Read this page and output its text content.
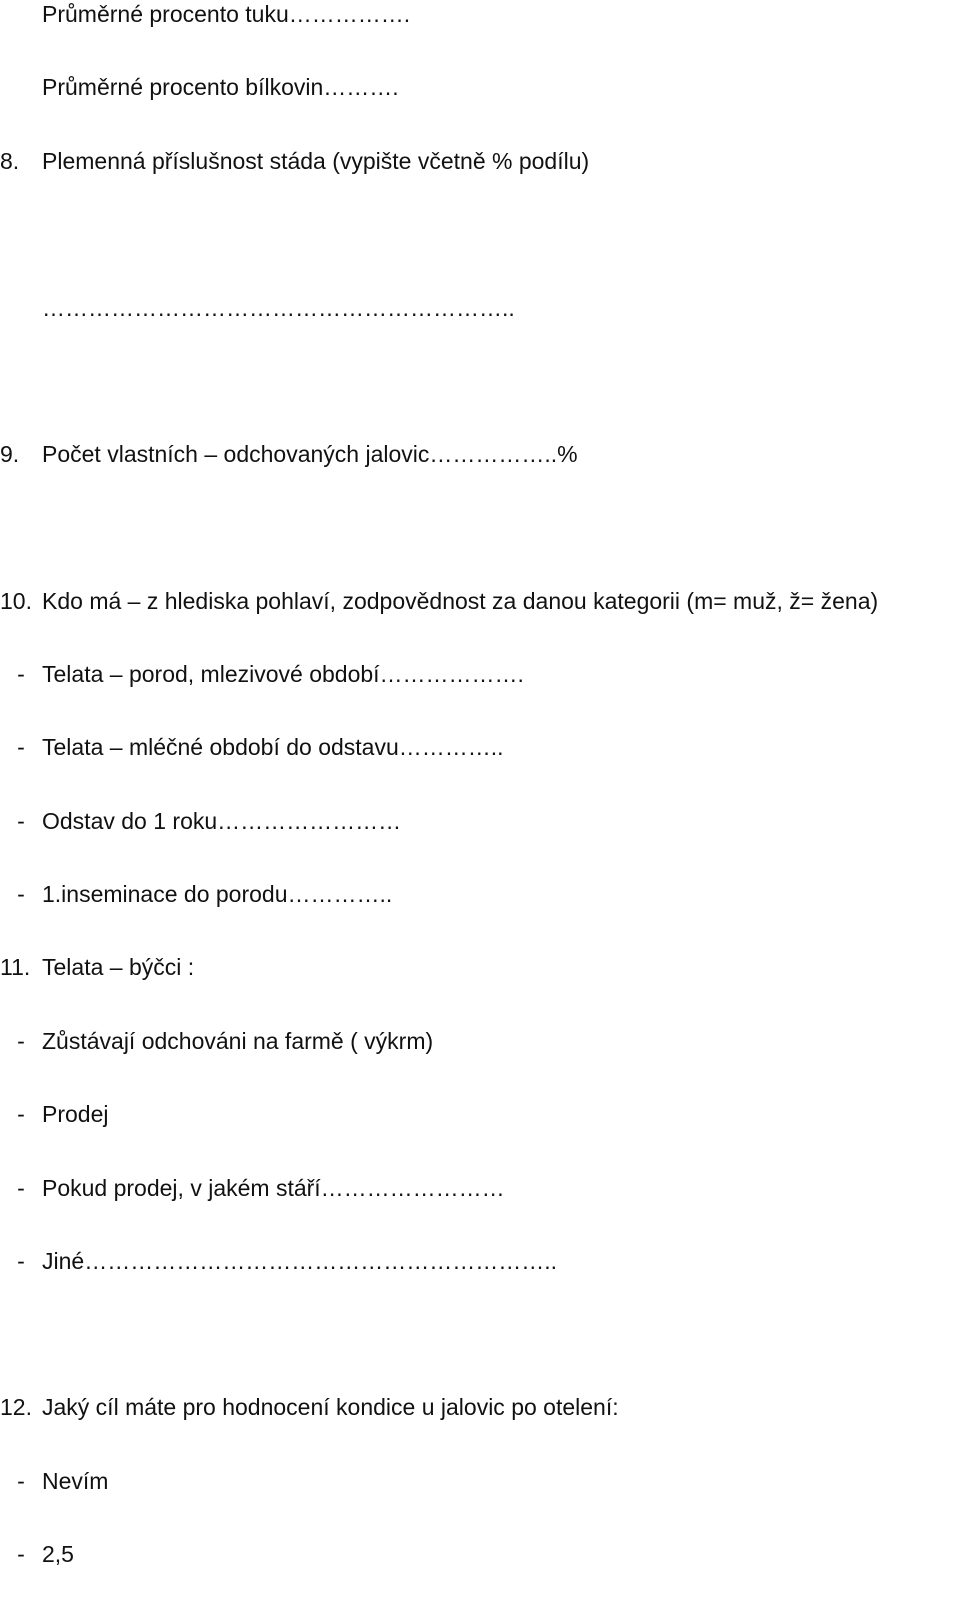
Průměrné procento tuku…………….
Průměrné procento bílkovin……….
8. Plemenná příslušnost stáda (vypište včetně % podílu)
……………………………………………………..
9. Počet vlastních – odchovaných jalovic……………..%
10. Kdo má – z hlediska pohlaví, zodpovědnost za danou kategorii (m= muž, ž= žena)
- Telata – porod, mlezivové období……………….
- Telata – mléčné období do odstavu…………..
- Odstav do 1 roku……………………
- 1.inseminace do porodu…………..
11. Telata – býčci :
- Zůstávají odchováni na farmě ( výkrm)
- Prodej
- Pokud prodej, v jakém stáří……………………
- Jiné……………………………………………………..
12. Jaký cíl máte pro hodnocení kondice u jalovic po otelení:
- Nevím
- 2,5
